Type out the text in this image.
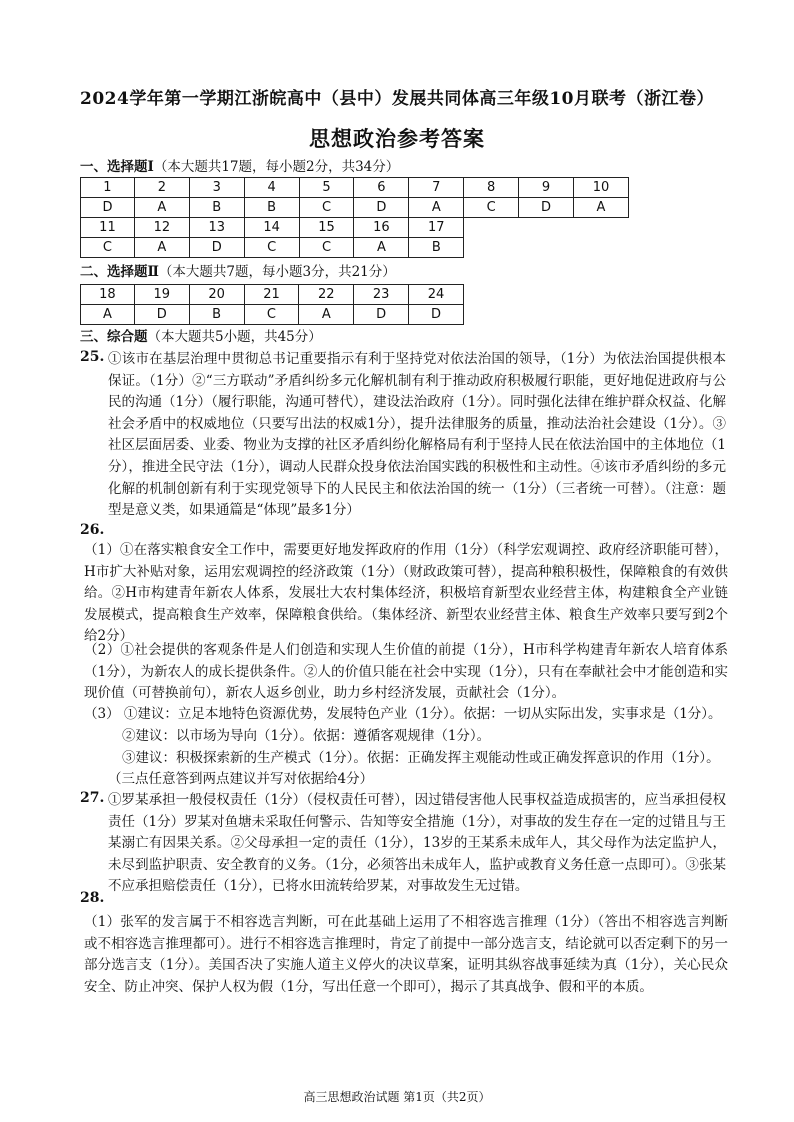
2024学年第一学期江浙皖高中（县中）发展共同体高三年级10月联考（浙江卷）
思想政治参考答案
一、选择题Ⅰ（本大题共17题，每小题2分，共34分）
1	2	3	4	5	6	7	8	9	10
D	A	B	B	C	D	A	C	D	A
11	12	13	14	15	16	17			
C	A	D	C	C	A	B			
二、选择题Ⅱ（本大题共7题，每小题3分，共21分）
18	19	20	21	22	23	24
A	D	B	C	A	D	D
三、综合题（本大题共5小题，共45分）
25. ①该市在基层治理中贯彻总书记重要指示有利于坚持党对依法治国的领导，（1分）为依法治国提供根本保证。（1分）②“三方联动”矛盾纠纷多元化解机制有利于推动政府积极履行职能，更好地促进政府与公民的沟通（1分）（履行职能，沟通可替代），建设法治政府（1分）。同时强化法律在维护群众权益、化解社会矛盾中的权威地位（只要写出法的权威1分），提升法律服务的质量，推动法治社会建设（1分）。③社区层面居委、业委、物业为支撑的社区矛盾纠纷化解格局有利于坚持人民在依法治国中的主体地位（1分），推进全民守法（1分），调动人民群众投身依法治国实践的积极性和主动性。④该市矛盾纠纷的多元化解的机制创新有利于实现党领导下的人民民主和依法治国的统一（1分）（三者统一可替）。（注意：题型是意义类，如果通篇是“体现”最多1分）
26.
（1）①在落实粮食安全工作中，需要更好地发挥政府的作用（1分）（科学宏观调控、政府经济职能可替），H市扩大补贴对象，运用宏观调控的经济政策（1分）（财政政策可替），提高种粮积极性，保障粮食的有效供给。②H市构建青年新农人体系，发展壮大农村集体经济，积极培育新型农业经营主体，构建粮食全产业链发展模式，提高粮食生产效率，保障粮食供给。（集体经济、新型农业经营主体、粮食生产效率只要写到2个给2分）
（2）①社会提供的客观条件是人们创造和实现人生价值的前提（1分），H市科学构建青年新农人培育体系（1分），为新农人的成长提供条件。②人的价值只能在社会中实现（1分），只有在奉献社会中才能创造和实现价值（可替换前句），新农人返乡创业，助力乡村经济发展，贡献社会（1分）。
（3） ①建议：立足本地特色资源优势，发展特色产业（1分）。依据：一切从实际出发，实事求是（1分）。
②建议：以市场为导向（1分）。依据：遵循客观规律（1分）。
③建议：积极探索新的生产模式（1分）。依据：正确发挥主观能动性或正确发挥意识的作用（1分）。
（三点任意答到两点建议并写对依据给4分）
27. ①罗某承担一般侵权责任（1分）（侵权责任可替），因过错侵害他人民事权益造成损害的，应当承担侵权责任（1分）罗某对鱼塘未采取任何警示、告知等安全措施（1分），对事故的发生存在一定的过错且与王某溺亡有因果关系。②父母承担一定的责任（1分），13岁的王某系未成年人，其父母作为法定监护人，未尽到监护职责、安全教育的义务。（1分，必须答出未成年人，监护或教育义务任意一点即可）。③张某不应承担赔偿责任（1分），已将水田流转给罗某，对事故发生无过错。
28.
（1）张军的发言属于不相容选言判断，可在此基础上运用了不相容选言推理（1分）（答出不相容选言判断或不相容选言推理都可）。进行不相容选言推理时，肯定了前提中一部分选言支，结论就可以否定剩下的另一部分选言支（1分）。美国否决了实施人道主义停火的决议草案，证明其纵容战事延续为真（1分），关心民众安全、防止冲突、保护人权为假（1分，写出任意一个即可），揭示了其真战争、假和平的本质。
高三思想政治试题 第1页（共2页）
